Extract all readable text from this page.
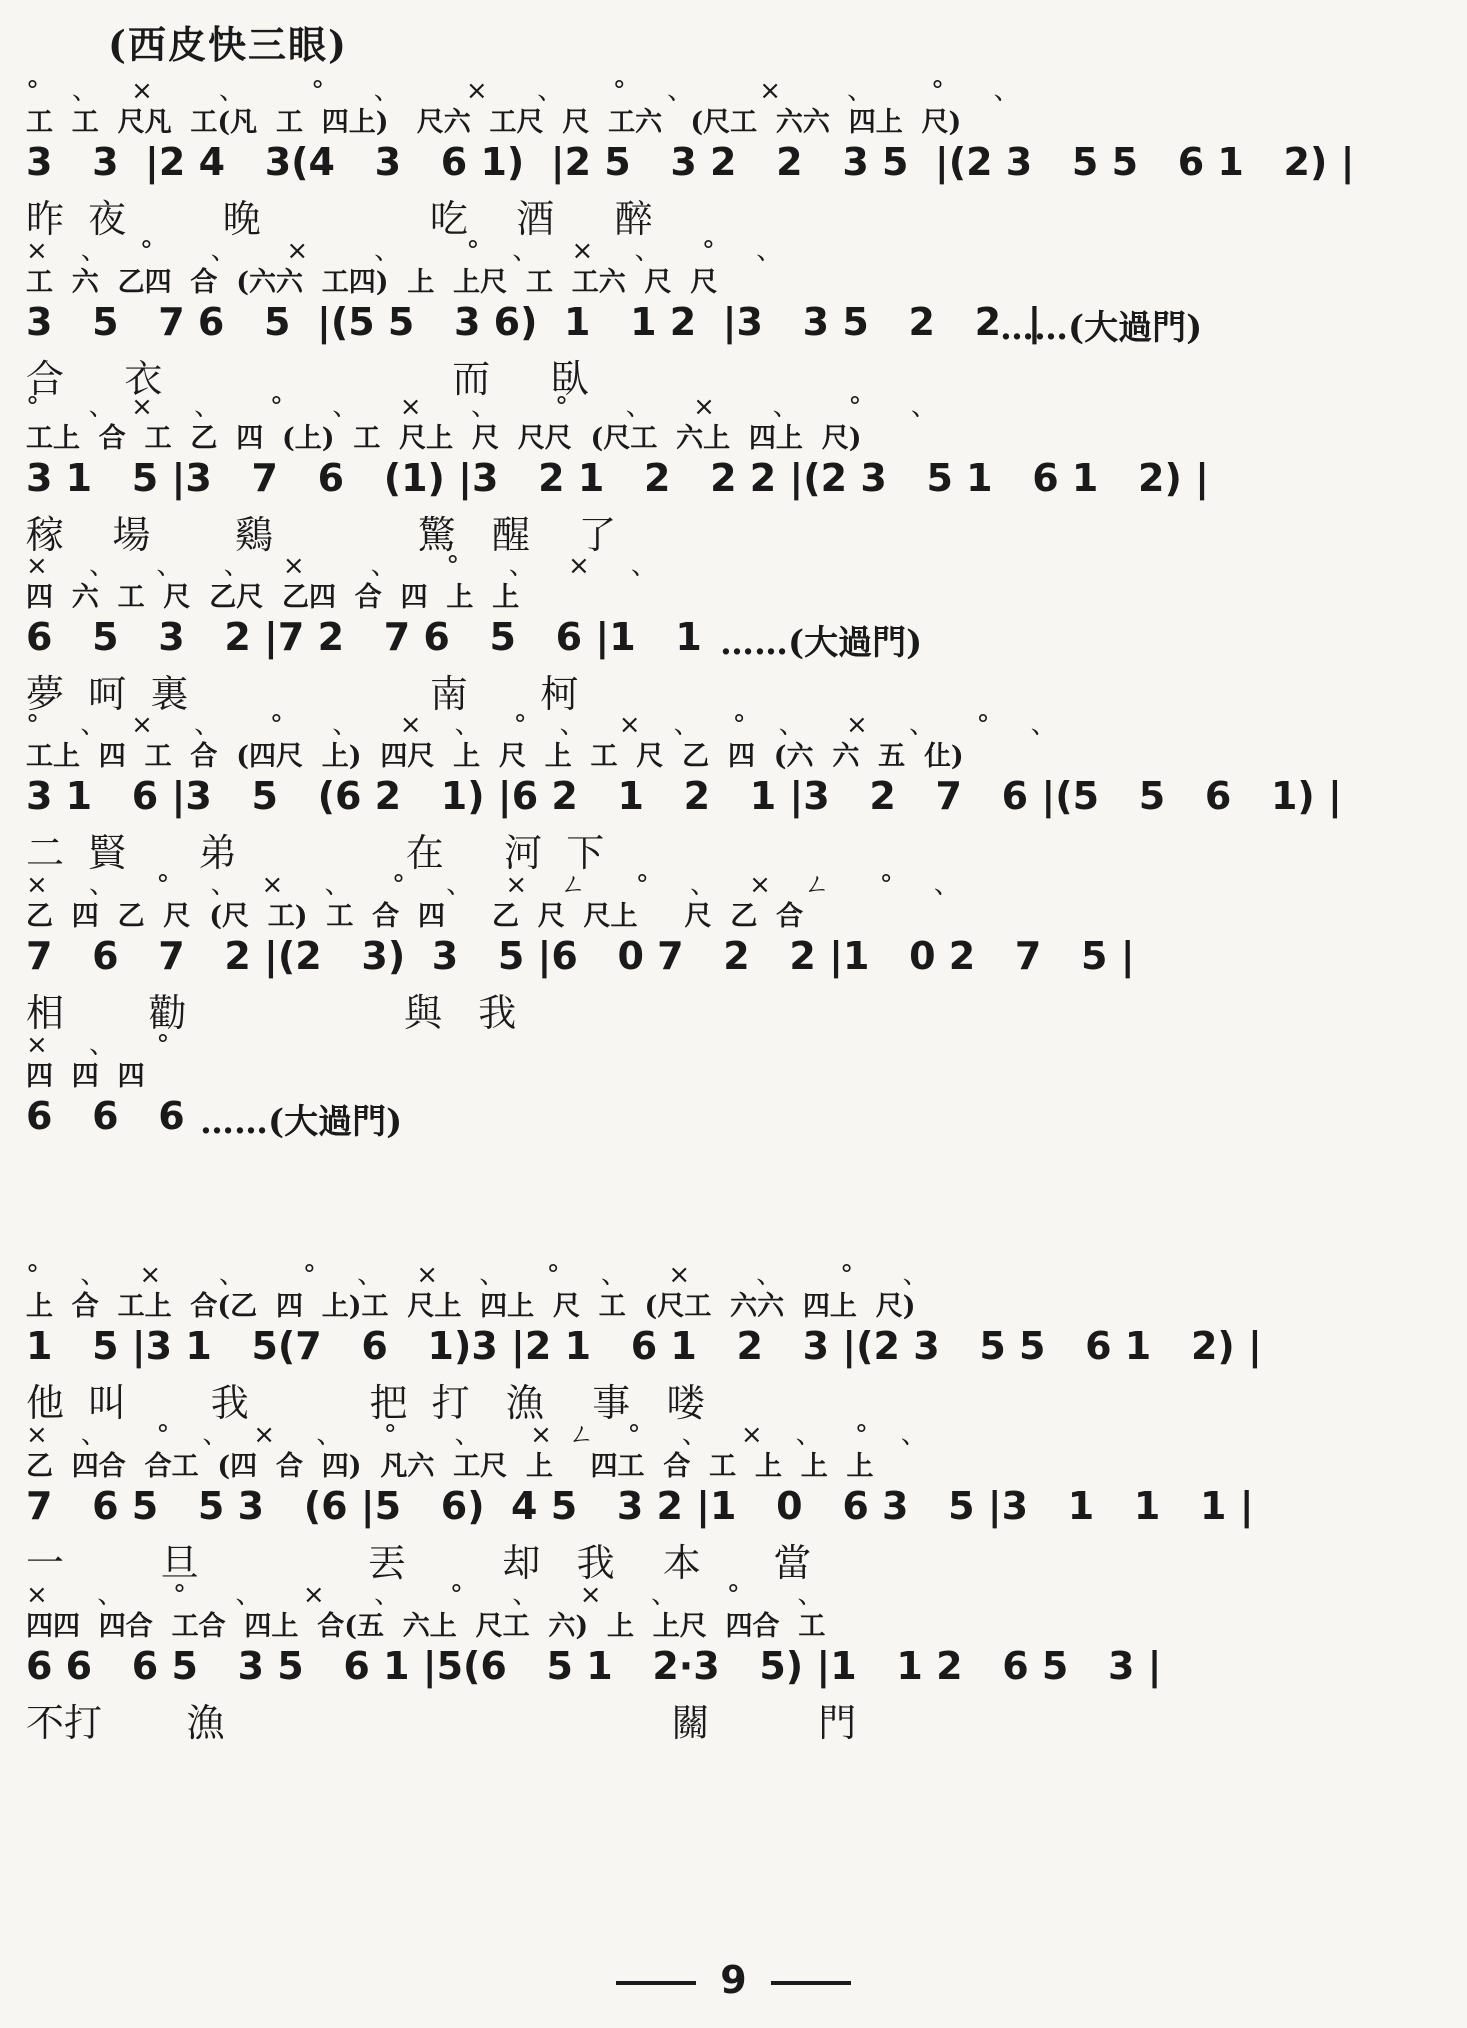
(西皮快三眼)
°    、    ×        、        °      、        ×      、      °     、        ×        、       °      、
工  工  尺凡  工(凡  工  四上)   尺六  工尺  尺  工六   (尺工  六六  四上  尺)
3   3  |2 4   3(4   3   6 1)  |2 5   3 2   2   3 5  |(2 3   5 5   6 1   2) |
昨  夜        晚              吃    酒     醉
×    、    °       、      ×        、        °    、    ×     、     °     、
工  六  乙四  合  (六六  工四)  上  上尺  工  工六  尺  尺
3   5   7 6   5  |(5 5   3 6)  1   1 2  |3   3 5   2   2  |
合     衣                        而     臥
……(大過門)
°      、  ×     、      °      、     ×      、       °       、     ×       、      °      、
工上  合  工  乙  四  (上)  工  尺上  尺  尺尺  (尺工  六上  四上  尺)
3 1   5 |3   7   6   (1) |3   2 1   2   2 2 |(2 3   5 1   6 1   2) |
稼    場       鷄            驚   醒    了
×     、     、     、    ×        、      °      、    ×     、
四  六  工  尺  乙尺  乙四  合  四  上  上
6   5   3   2 |7 2   7 6   5   6 |1   1
夢  呵  裏                    南      柯
……(大過門)
°     、   ×     、      °      、     ×    、    °    、    ×    、    °    、     ×     、     °     、
工上  四  工  合  (四尺  上)  四尺  上  尺  上  工  尺  乙  四  (六  六  五  仩)
3 1   6 |3   5   (6 2   1) |6 2   1   2   1 |3   2   7   6 |(5   5   6   1) |
二  賢      弟              在     河  下
×     、     °     、   ×     、     °     、    ×    ㄥ      °     、    ×    ㄥ      °     、
乙  四  乙  尺  (尺  工)  工  合  四     乙  尺  尺上     尺  乙  合
7   6   7   2 |(2   3)  3   5 |6   0 7   2   2 |1   0 2   7   5 |
相       勸                  與   我
×     、     °
四  四  四
6   6   6 ……(大過門)
°     、    ×       、       °     、    ×     、     °     、     ×        、       °      、
上  合  工上  合(乙  四  上)工  尺上  四上  尺  工  (尺工  六六  四上  尺)
1   5 |3 1   5(7   6   1)3 |2 1   6 1   2   3 |(2 3   5 5   6 1   2) |
他  叫       我          把  打   漁    事   喽
×    、      °    、   ×     、     °       、      ×  ㄥ    °     、    ×    、    °    、
乙  四合  合工  (四  合  四)  凡六  工尺  上    四工  合  工  上  上  上
7   6 5   5 3   (6 |5   6)  4 5   3 2 |1   0   6 3   5 |3   1   1   1 |
一        旦              丟        却   我    本      當
×      、      °      、     ×      、      °      、     ×      、      °       、
四四  四合  工合  四上  合(五  六上  尺工  六)  上  上尺  四合  工
6 6   6 5   3 5   6 1 |5(6   5 1   2·3   5) |1   1 2   6 5   3 |
不打       漁                                     關         門
9
